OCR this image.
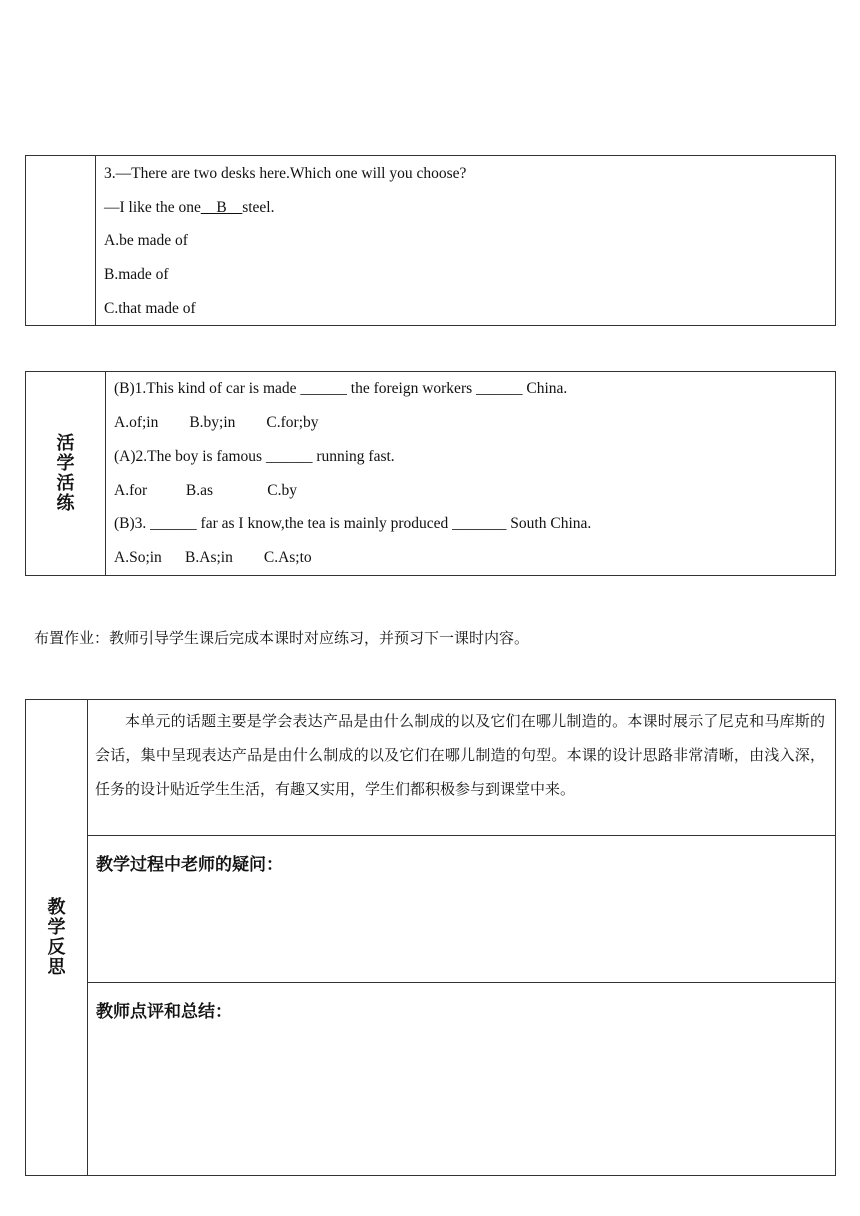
3.—There are two desks here.Which one will you choose?
—I like the one__B__steel.
A.be made of
B.made of
C.that made of
活
学
活
练
(B)1.This kind of car is made ______ the foreign workers ______ China.
A.of;in        B.by;in        C.for;by
(A)2.The boy is famous ______ running fast.
A.for          B.as              C.by
(B)3. ______ far as I know,the tea is mainly produced _______ South China.
A.So;in      B.As;in        C.As;to
布置作业：教师引导学生课后完成本课时对应练习，并预习下一课时内容。
教
学
反
思
本单元的话题主要是学会表达产品是由什么制成的以及它们在哪儿制造的。本课时展示了尼克和马库斯的会话，集中呈现表达产品是由什么制成的以及它们在哪儿制造的句型。本课的设计思路非常清晰，由浅入深，任务的设计贴近学生生活，有趣又实用，学生们都积极参与到课堂中来。
教学过程中老师的疑问：
教师点评和总结：
